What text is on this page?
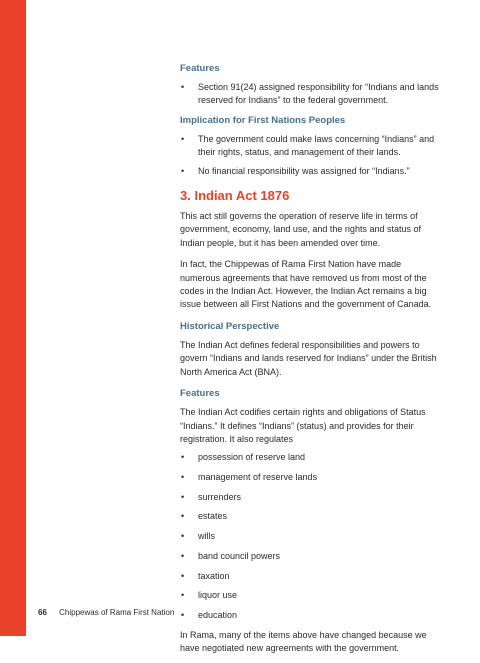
Features
• Section 91(24) assigned responsibility for “Indians and lands reserved for Indians” to the federal government.
Implication for First Nations Peoples
• The government could make laws concerning “Indians” and their rights, status, and management of their lands.
• No financial responsibility was assigned for “Indians.”
3. Indian Act 1876

This act still governs the operation of reserve life in terms of government, economy, land use, and the rights and status of Indian people, but it has been amended over time.

In fact, the Chippewas of Rama First Nation have made numerous agreements that have removed us from most of the codes in the Indian Act. However, the Indian Act remains a big issue between all First Nations and the government of Canada.

Historical Perspective

The Indian Act defines federal responsibilities and powers to govern “Indians and lands reserved for Indians” under the British North America Act (BNA).

Features

The Indian Act codifies certain rights and obligations of Status “Indians.” It defines “Indians” (status) and provides for their registration. It also regulates

• possession of reserve land
• management of reserve lands
• surrenders
• estates
• wills
• band council powers
• taxation
• liquor use
• education

In Rama, many of the items above have changed because we have negotiated new agreements with the government.

66 Chippewas of Rama First Nation
